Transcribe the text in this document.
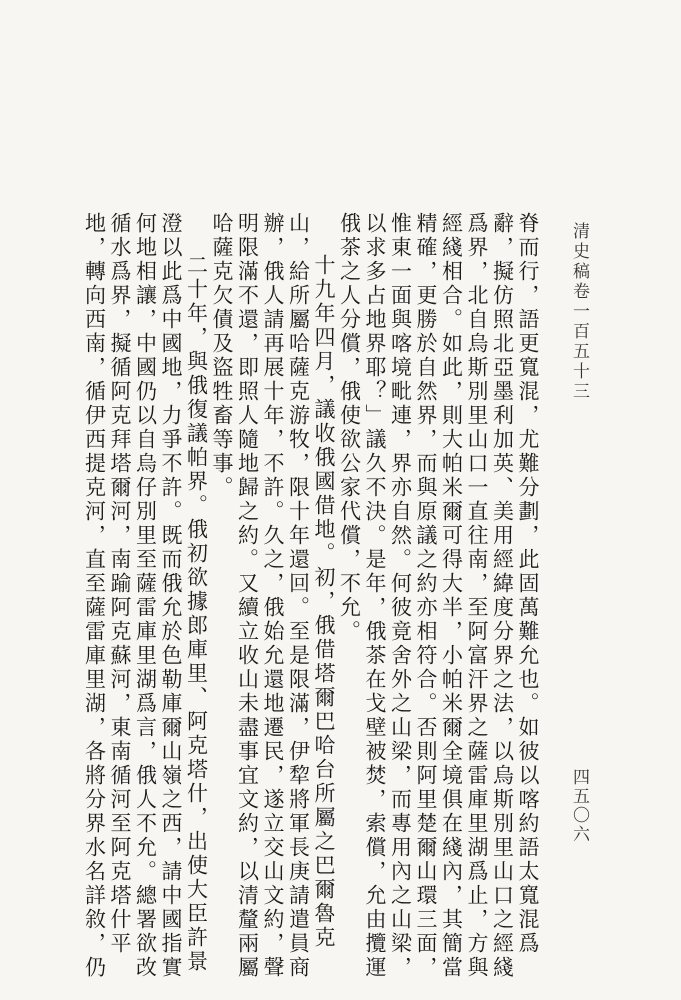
清史稿卷一百五十三
四五〇六

脊而行，語更寬混，尤難分劃，此固萬難允也。如彼以喀約語太寬混爲辭，擬仿照北亞墨利加英、美用經緯度分界之法，以烏斯別里山口之經綫爲界，北自烏斯別里山口一直往南，至阿富汗界之薩雷庫里湖爲止，方與經綫相合。如此，則大帕米爾可得大半，小帕米爾全境俱在綫內，其簡當精確，更勝於自然界，而與原議之約亦相符合。否則阿里楚爾山環三面，惟東一面與喀境毗連，界亦自然。何彼竟舍外之山梁，而專用內之山梁，以求多占地界耶？」議久不決。是年，俄茶在戈壁被焚，索償，允由攬運俄茶之人分償，俄使欲公家代償，不允。

十九年四月，議收俄國借地。初，俄借塔爾巴哈台所屬之巴爾魯克山，給所屬哈薩克游牧，限十年還回。至是限滿，伊犂將軍長庚請遣員商辦，俄人請再展十年，不許。久之，俄始允還地遷民，遂立交山文約，聲明限滿不還，即照人隨地歸之約。又續立收山未盡事宜文約，以清釐兩屬哈薩克欠債及盜牲畜等事。

二十年，與俄復議帕界。俄初欲據郎庫里、阿克塔什，出使大臣許景澄以此爲中國地，力爭不許。既而俄允於色勒庫爾山嶺之西，請中國指實何地相讓，中國仍以自烏仔別里至薩雷庫里湖爲言，俄人不允。總署欲改循水爲界，擬循阿克拜塔爾河，南踰阿克蘇河，東南循河至阿克塔什平地，轉向西南，循伊西提克河，直至薩雷庫里湖，各將分界水名詳敘，仍
